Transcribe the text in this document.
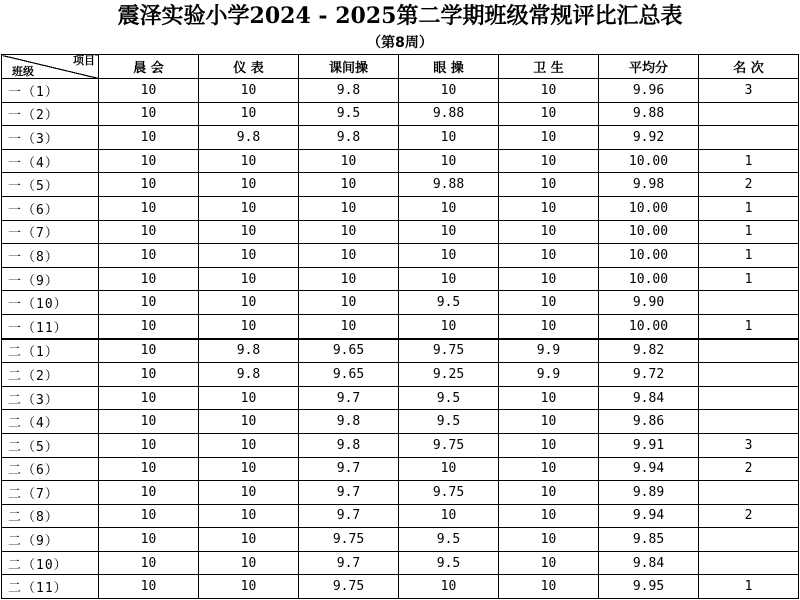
震泽实验小学2024 - 2025第二学期班级常规评比汇总表
（第8周）
项目
班级	晨 会	仪 表	课间操	眼 操	卫 生	平均分	名 次
一（1）	10	10	9.8	10	10	9.96	3
一（2）	10	10	9.5	9.88	10	9.88	
一（3）	10	9.8	9.8	10	10	9.92	
一（4）	10	10	10	10	10	10.00	1
一（5）	10	10	10	9.88	10	9.98	2
一（6）	10	10	10	10	10	10.00	1
一（7）	10	10	10	10	10	10.00	1
一（8）	10	10	10	10	10	10.00	1
一（9）	10	10	10	10	10	10.00	1
一（10）	10	10	10	9.5	10	9.90	
一（11）	10	10	10	10	10	10.00	1
二（1）	10	9.8	9.65	9.75	9.9	9.82	
二（2）	10	9.8	9.65	9.25	9.9	9.72	
二（3）	10	10	9.7	9.5	10	9.84	
二（4）	10	10	9.8	9.5	10	9.86	
二（5）	10	10	9.8	9.75	10	9.91	3
二（6）	10	10	9.7	10	10	9.94	2
二（7）	10	10	9.7	9.75	10	9.89	
二（8）	10	10	9.7	10	10	9.94	2
二（9）	10	10	9.75	9.5	10	9.85	
二（10）	10	10	9.7	9.5	10	9.84	
二（11）	10	10	9.75	10	10	9.95	1
